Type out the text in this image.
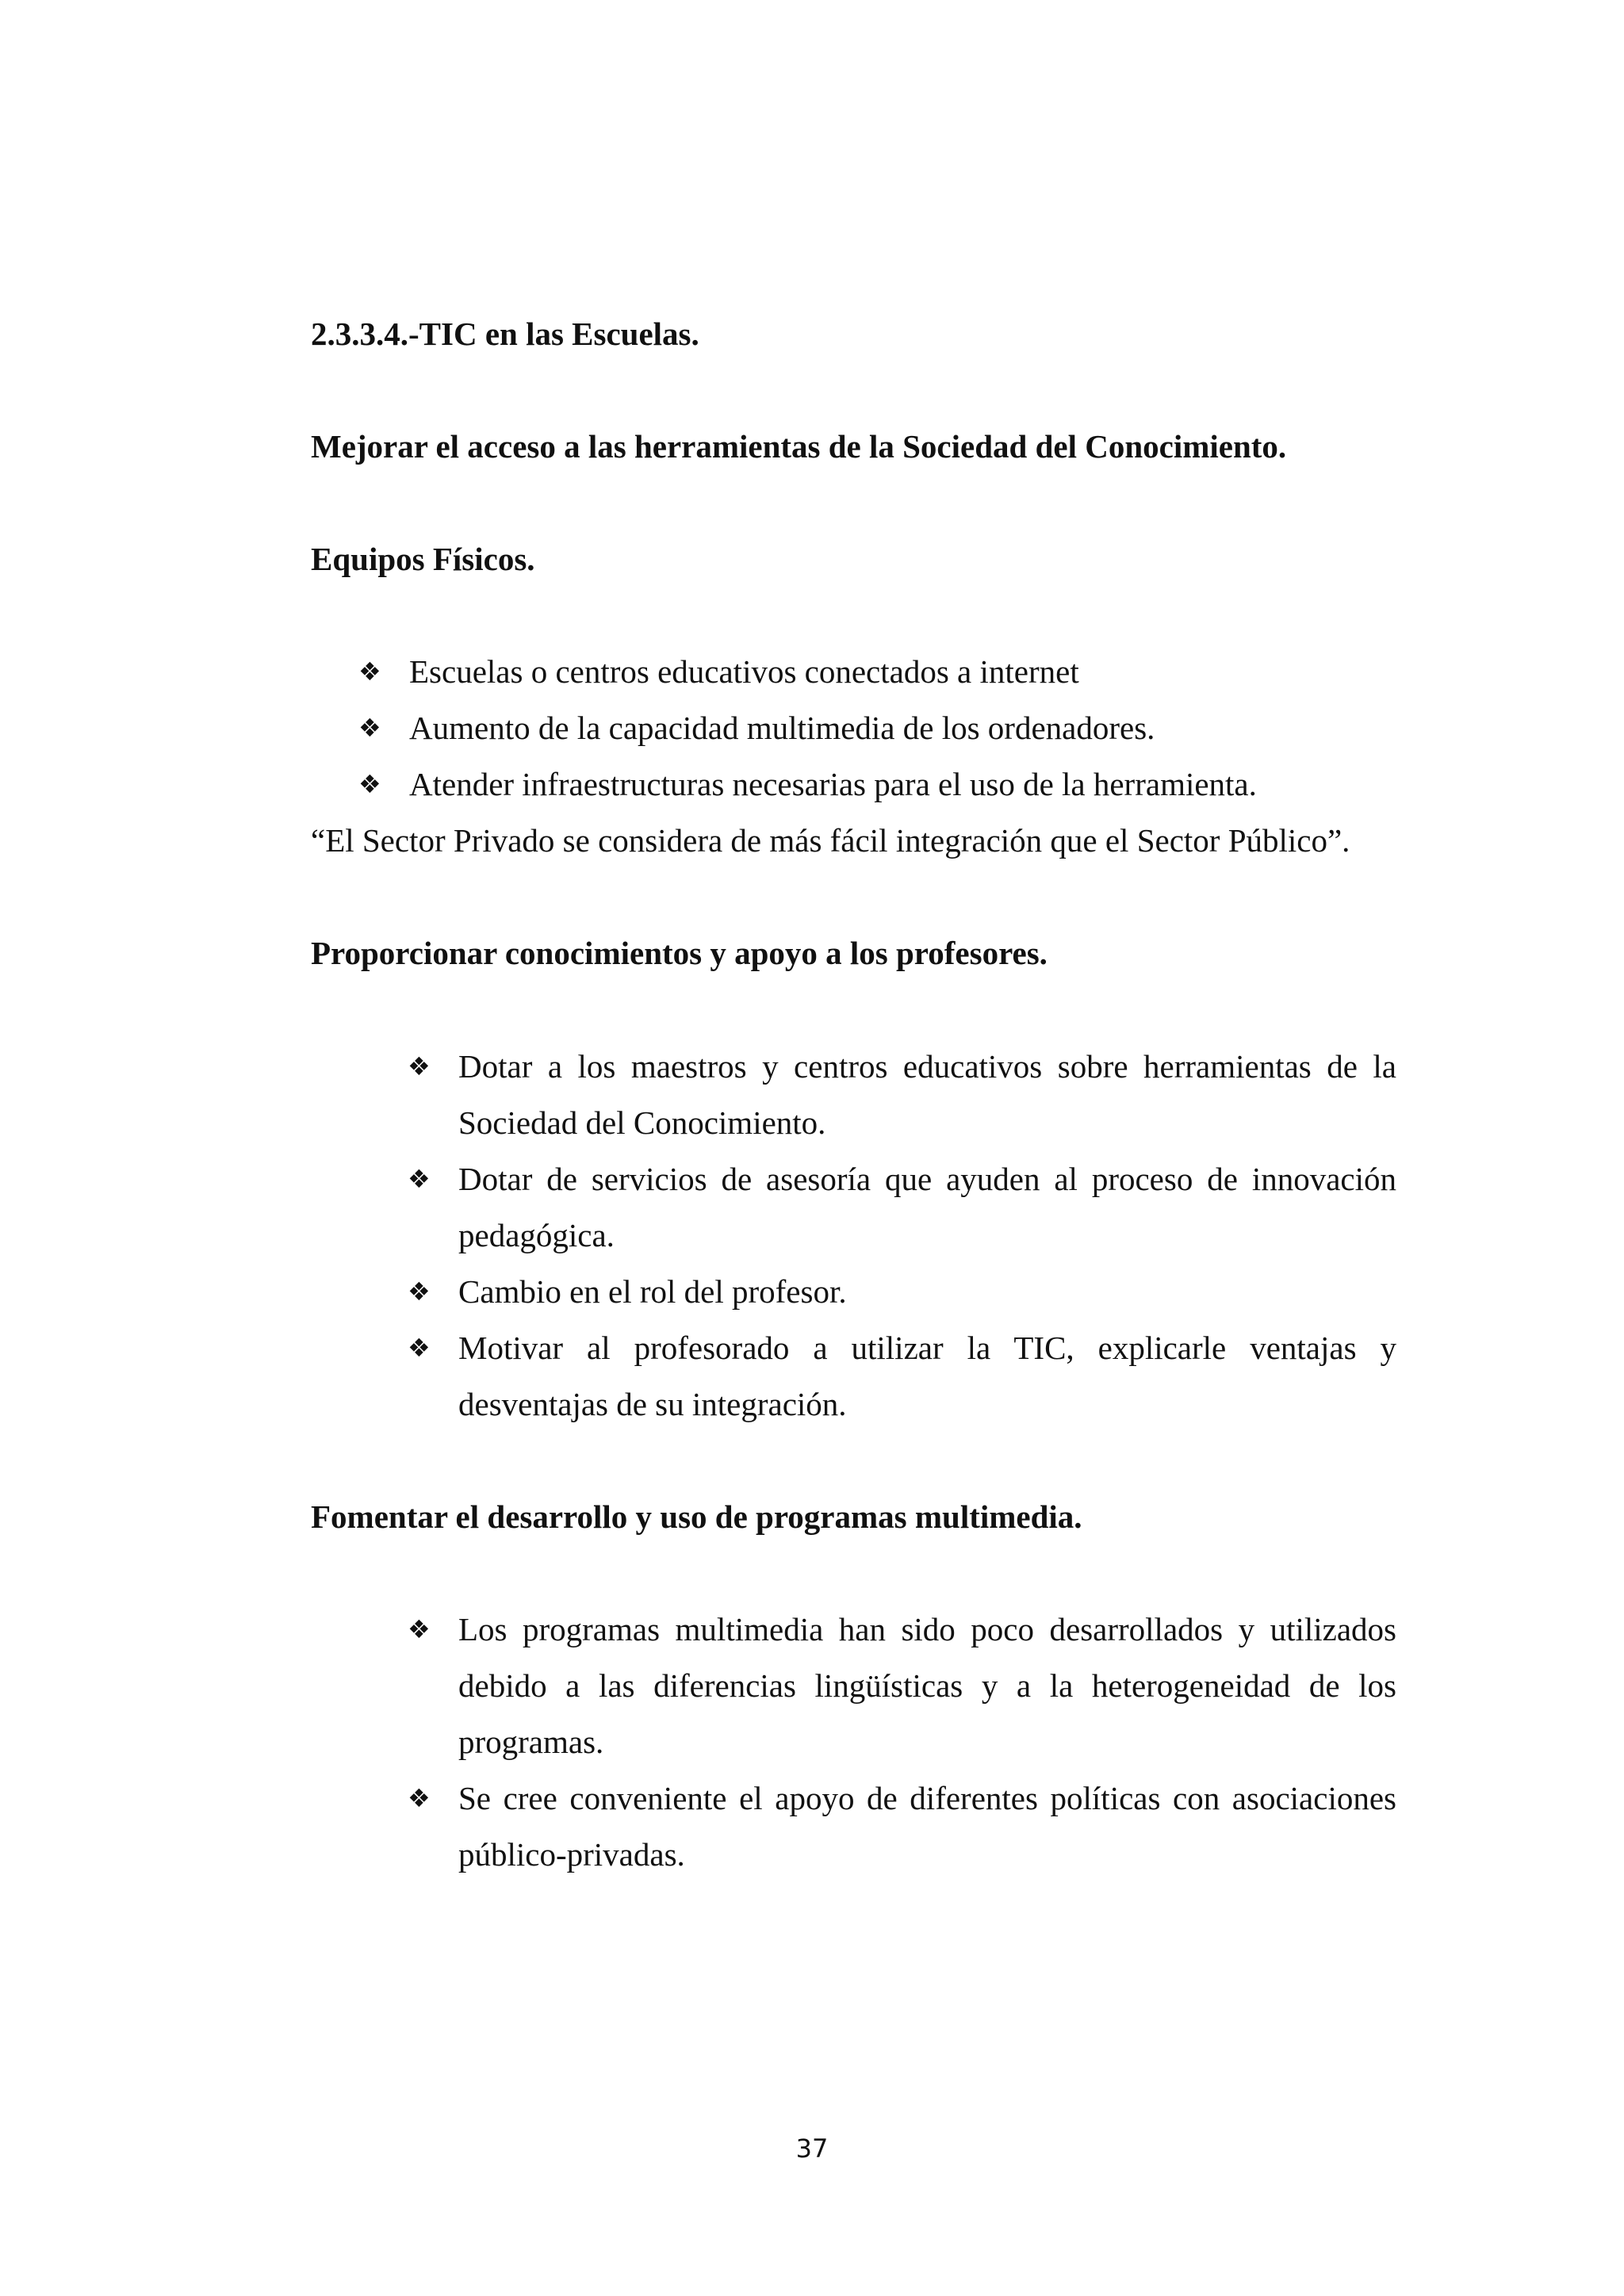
2.3.3.4.-TIC en las Escuelas.

Mejorar el acceso a las herramientas de la Sociedad del Conocimiento.

Equipos Físicos.

❖ Escuelas o centros educativos conectados a internet
❖ Aumento de la capacidad multimedia de los ordenadores.
❖ Atender infraestructuras necesarias para el uso de la herramienta.

“El Sector Privado se considera de más fácil integración que el Sector Público”.

Proporcionar conocimientos y apoyo a los profesores.

❖ Dotar a los maestros y centros educativos sobre herramientas de la Sociedad del Conocimiento.
❖ Dotar de servicios de asesoría que ayuden al proceso de innovación pedagógica.
❖ Cambio en el rol del profesor.
❖ Motivar al profesorado a utilizar la TIC, explicarle ventajas y desventajas de su integración.

Fomentar el desarrollo y uso de programas multimedia.

❖ Los programas multimedia han sido poco desarrollados y utilizados debido a las diferencias lingüísticas y a la heterogeneidad de los programas.
❖ Se cree conveniente el apoyo de diferentes políticas con asociaciones público-privadas.
37
